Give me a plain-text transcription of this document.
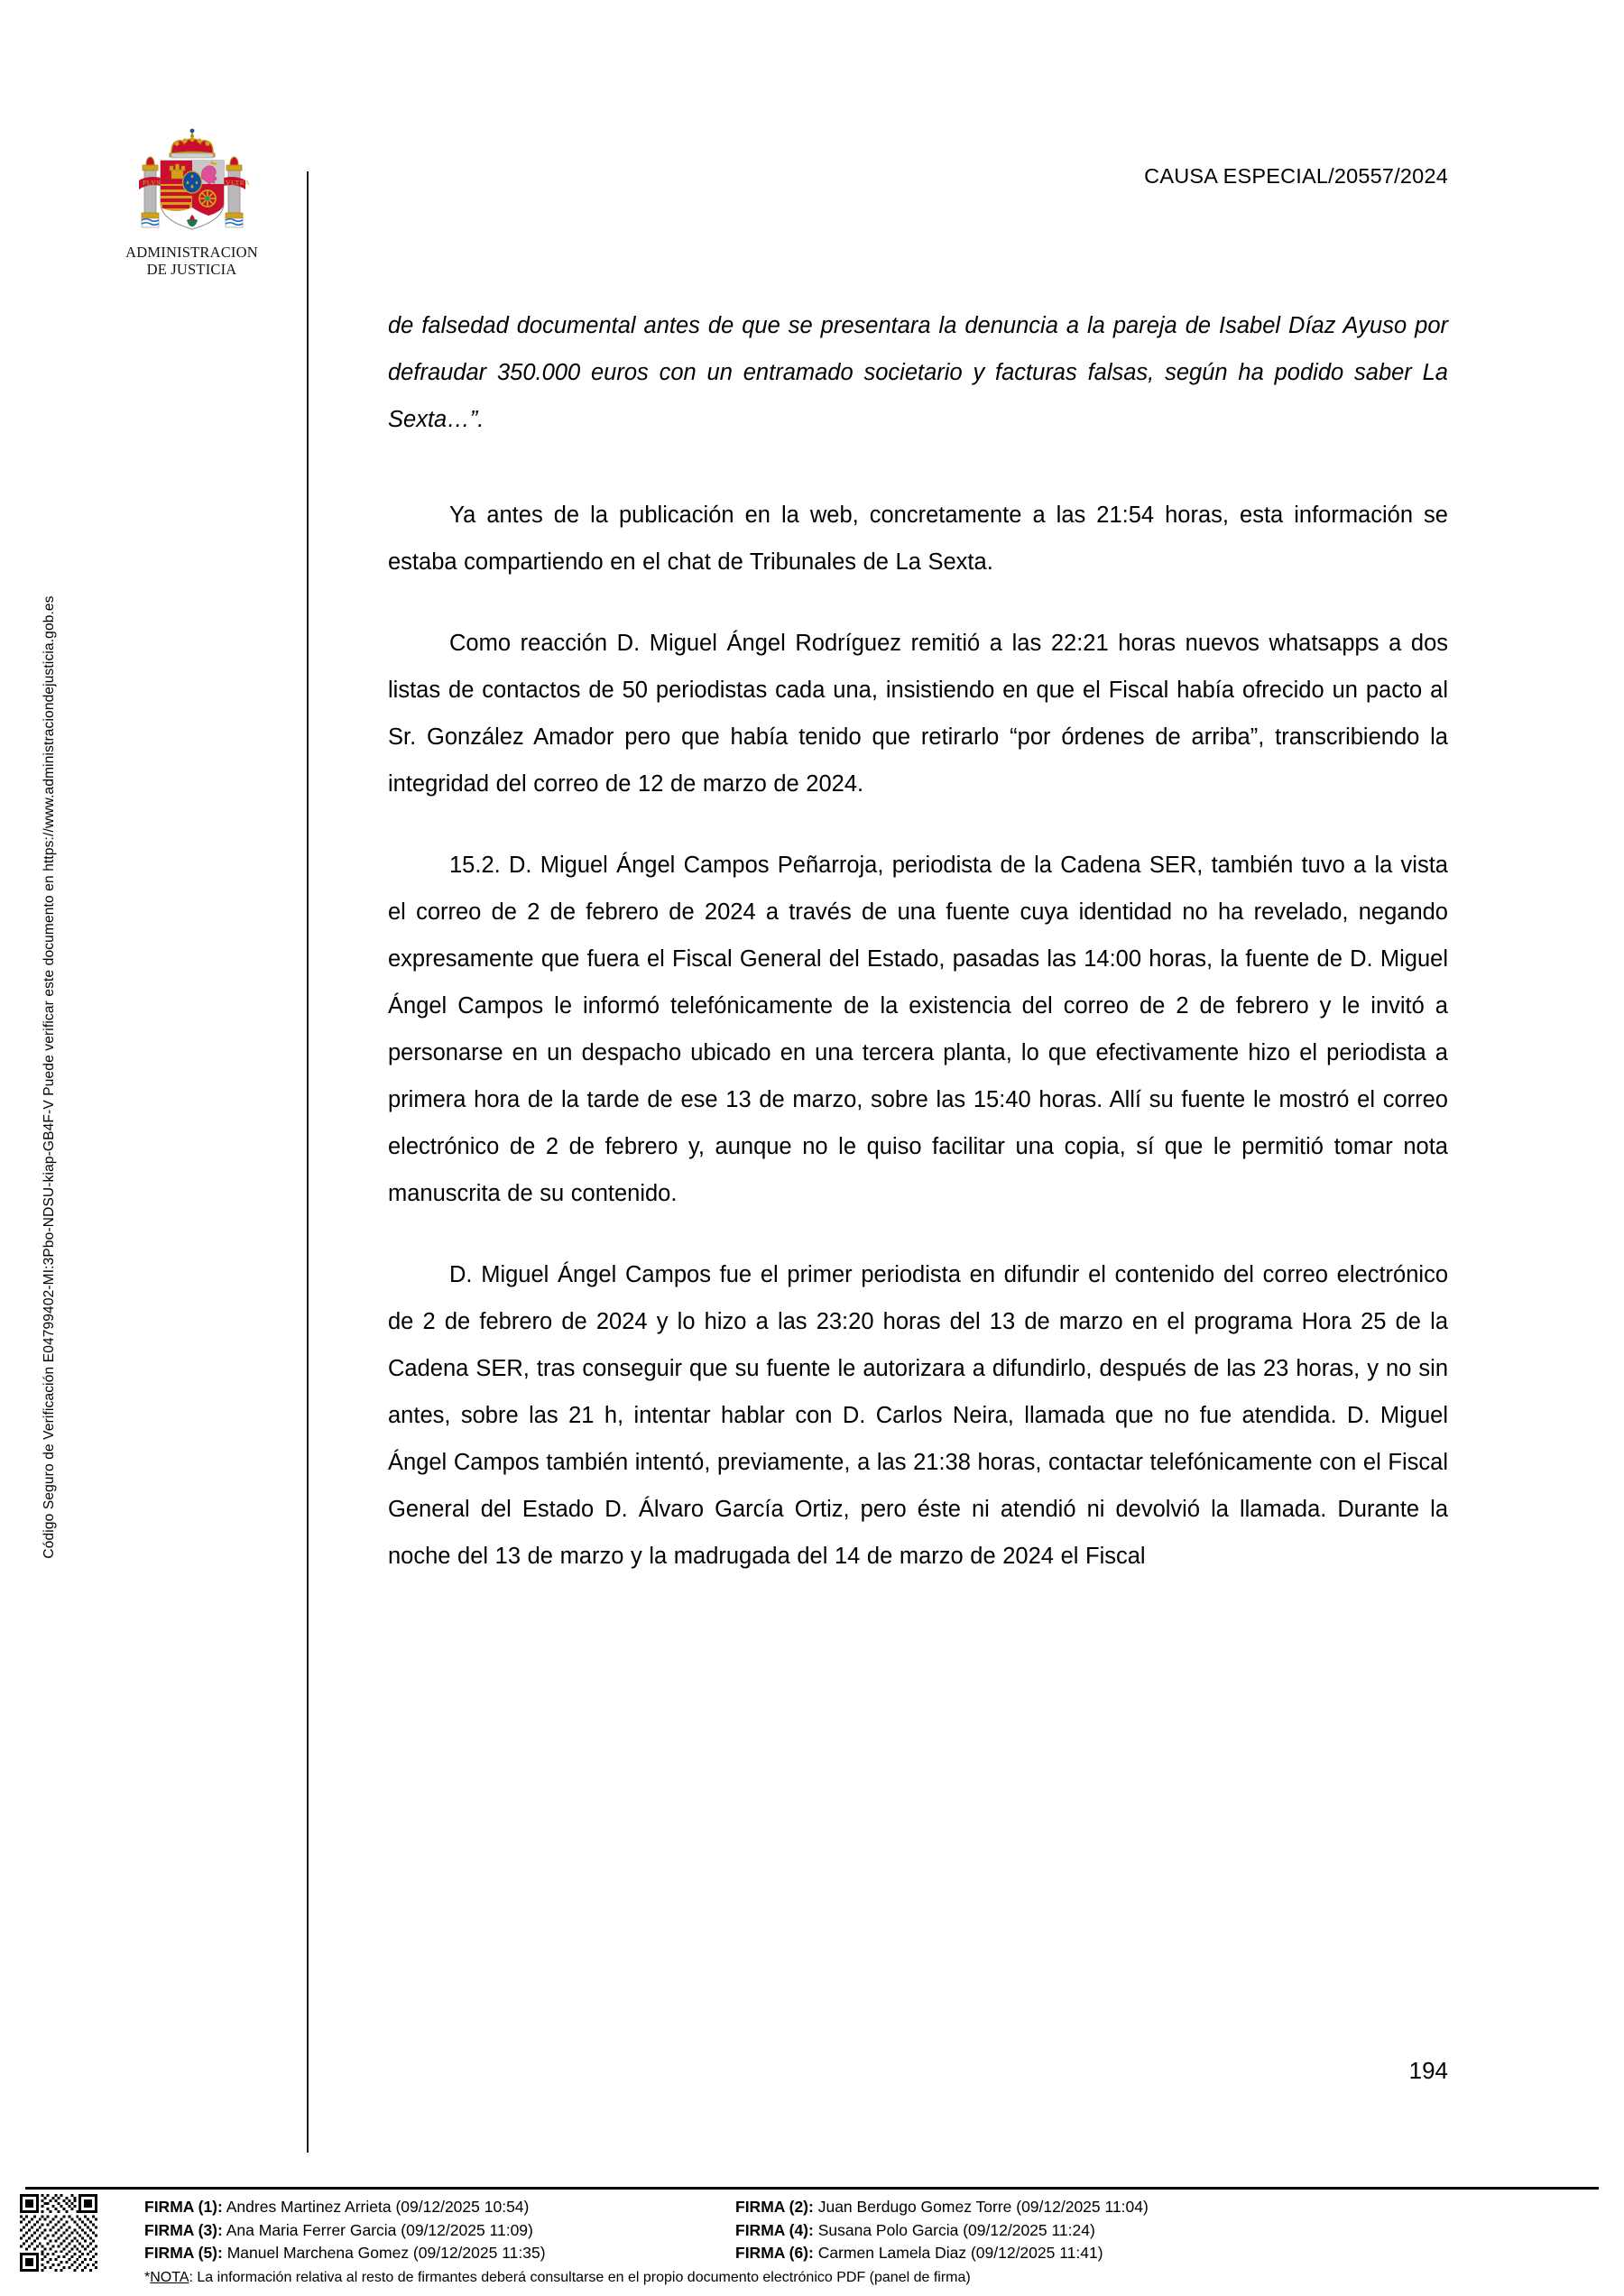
Código Seguro de Verificación E04799402-MI:3Pbo-NDSU-kiap-GB4F-V Puede verificar este documento en https://www.administraciondejusticia.gob.es
PLVS	VLTRA
ADMINISTRACION
DE JUSTICIA
CAUSA ESPECIAL/20557/2024

de falsedad documental antes de que se presentara la denuncia a la pareja de Isabel Díaz Ayuso por defraudar 350.000 euros con un entramado societario y facturas falsas, según ha podido saber La Sexta…”.

Ya antes de la publicación en la web, concretamente a las 21:54 horas, esta información se estaba compartiendo en el chat de Tribunales de La Sexta.

Como reacción D. Miguel Ángel Rodríguez remitió a las 22:21 horas nuevos whatsapps a dos listas de contactos de 50 periodistas cada una, insistiendo en que el Fiscal había ofrecido un pacto al Sr. González Amador pero que había tenido que retirarlo “por órdenes de arriba”, transcribiendo la integridad del correo de 12 de marzo de 2024.

15.2. D. Miguel Ángel Campos Peñarroja, periodista de la Cadena SER, también tuvo a la vista el correo de 2 de febrero de 2024 a través de una fuente cuya identidad no ha revelado, negando expresamente que fuera el Fiscal General del Estado, pasadas las 14:00 horas, la fuente de D. Miguel Ángel Campos le informó telefónicamente de la existencia del correo de 2 de febrero y le invitó a personarse en un despacho ubicado en una tercera planta, lo que efectivamente hizo el periodista a primera hora de la tarde de ese 13 de marzo, sobre las 15:40 horas. Allí su fuente le mostró el correo electrónico de 2 de febrero y, aunque no le quiso facilitar una copia, sí que le permitió tomar nota manuscrita de su contenido.

D. Miguel Ángel Campos fue el primer periodista en difundir el contenido del correo electrónico de 2 de febrero de 2024 y lo hizo a las 23:20 horas del 13 de marzo en el programa Hora 25 de la Cadena SER, tras conseguir que su fuente le autorizara a difundirlo, después de las 23 horas, y no sin antes, sobre las 21 h, intentar hablar con D. Carlos Neira, llamada que no fue atendida. D. Miguel Ángel Campos también intentó, previamente, a las 21:38 horas, contactar telefónicamente con el Fiscal General del Estado D. Álvaro García Ortiz, pero éste ni atendió ni devolvió la llamada. Durante la noche del 13 de marzo y la madrugada del 14 de marzo de 2024 el Fiscal

194
FIRMA (1): Andres Martinez Arrieta (09/12/2025 10:54)	FIRMA (2): Juan Berdugo Gomez Torre (09/12/2025 11:04)
FIRMA (3): Ana Maria Ferrer Garcia (09/12/2025 11:09)	FIRMA (4): Susana Polo Garcia (09/12/2025 11:24)
FIRMA (5): Manuel Marchena Gomez (09/12/2025 11:35)	FIRMA (6): Carmen Lamela Diaz (09/12/2025 11:41)
*NOTA: La información relativa al resto de firmantes deberá consultarse en el propio documento electrónico PDF (panel de firma)
